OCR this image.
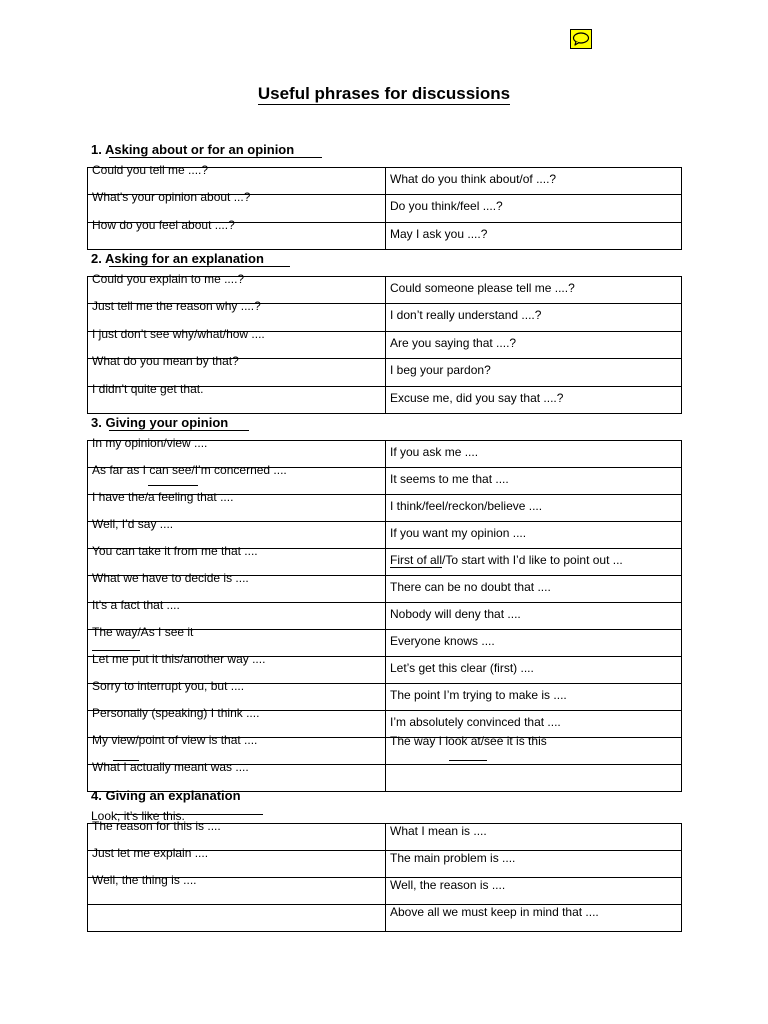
Useful phrases for discussions
1. Asking about or for an opinion
Could you tell me ....?	What do you think about/of ....?

What's your opinion about ...?	Do you think/feel ....?

How do you feel about ....?	May I ask you ....?
2. Asking for an explanation
Could you explain to me ....?	Could someone please tell me ....?

Just tell me the reason why ....?	I don’t really understand ....?

I just don’t see why/what/how ....	Are you saying that ....?

What do you mean by that?	I beg your pardon?

I didn’t quite get that.	Excuse me, did you say that ....?
3. Giving your opinion
In my opinion/view ....	If you ask me ....

As far as I can see/I’m concerned ....	It seems to me that ....

I have the/a feeling that ....	I think/feel/reckon/believe ....

Well, I’d say ....	If you want my opinion ....

You can take it from me that ....	First of all/To start with I’d like to point out ...

What we have to decide is ....	There can be no doubt that ....

It’s a fact that ....	Nobody will deny that ....

The way/As I see it	Everyone knows ....

Let me put it this/another way ....	Let’s get this clear (first) ....

Sorry to interrupt you, but ....	The point I’m trying to make is ....

Personally (speaking) I think ....	I’m absolutely convinced that ....

My view/point of view is that ....	The way I look at/see it is this

What I actually meant was ....	

4. Giving an explanation
Look, it’s like this.
The reason for this is ....	What I mean is ....

Just let me explain ....	The main problem is ....

Well, the thing is ....	Well, the reason is ....

	Above all we must keep in mind that ....
